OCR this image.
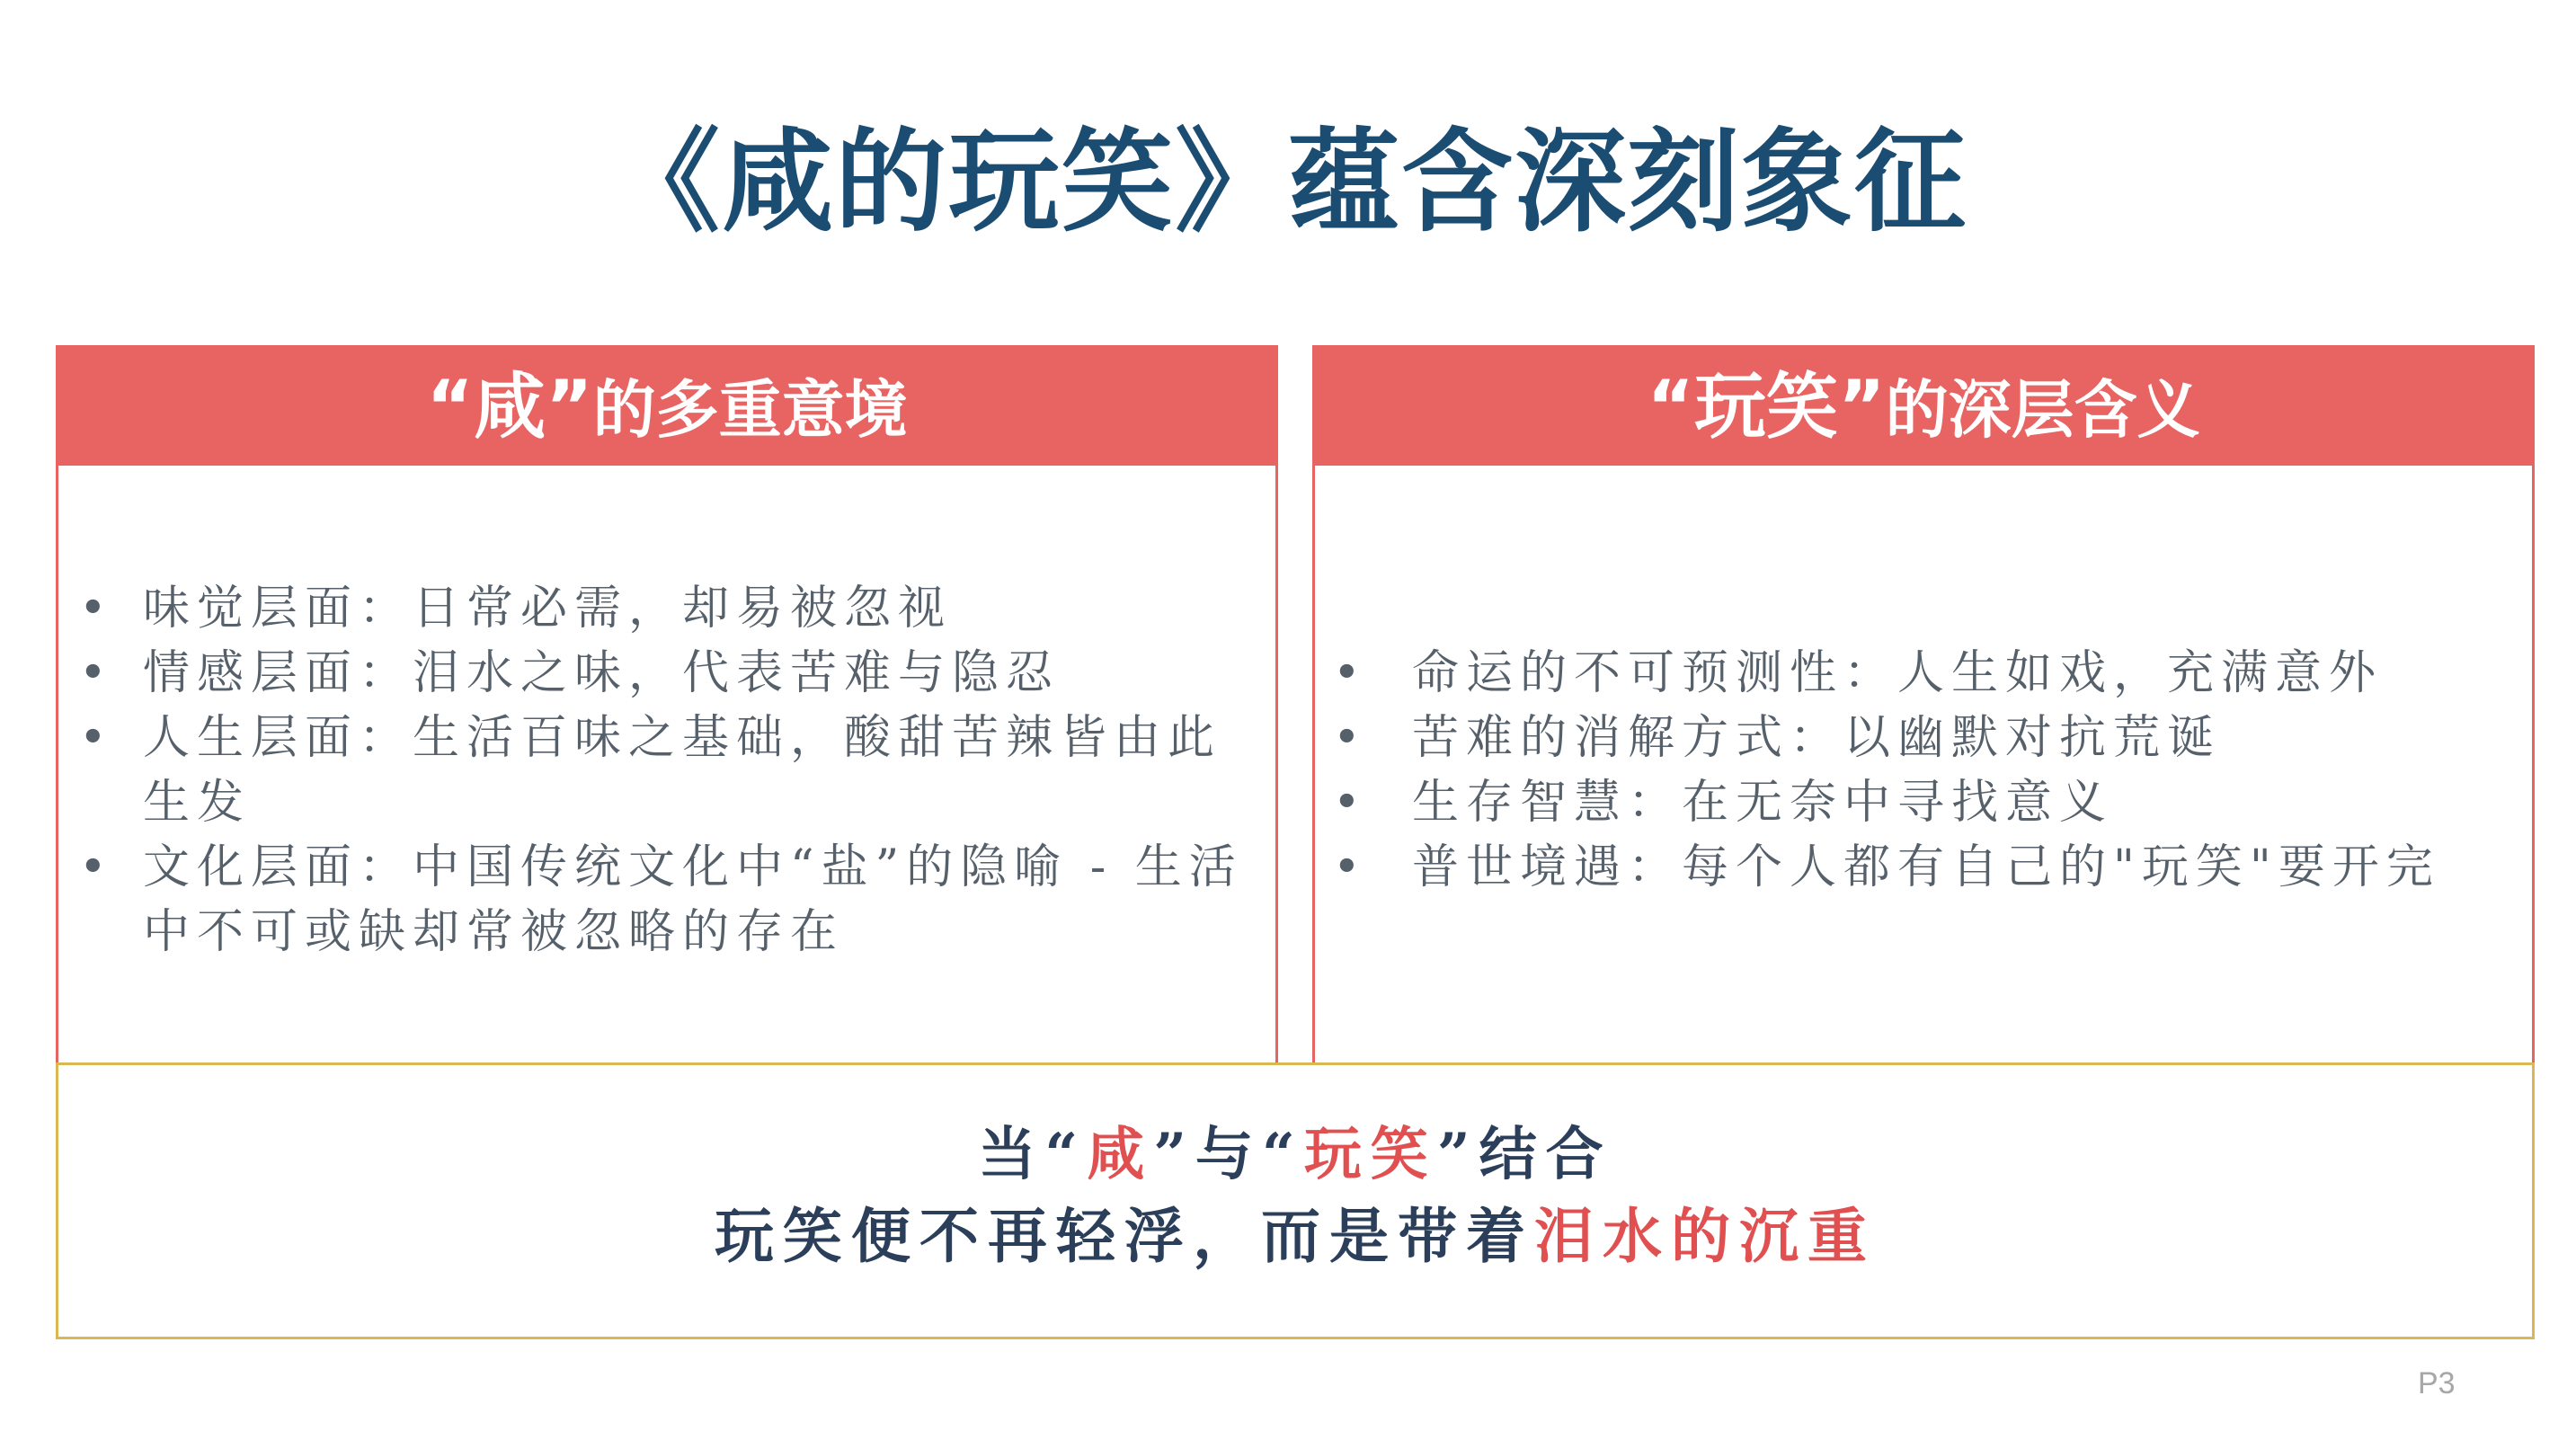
《咸的玩笑》蕴含深刻象征
“咸”的多重意境
• 味觉层面：日常必需，却易被忽视
• 情感层面：泪水之味，代表苦难与隐忍
• 人生层面：生活百味之基础，酸甜苦辣皆由此生发
• 文化层面：中国传统文化中“盐”的隐喻 - 生活中不可或缺却常被忽略的存在
“玩笑”的深层含义
• 命运的不可预测性：人生如戏，充满意外
• 苦难的消解方式：以幽默对抗荒诞
• 生存智慧：在无奈中寻找意义
• 普世境遇：每个人都有自己的"玩笑"要开完
当“咸”与“玩笑”结合
玩笑便不再轻浮，而是带着泪水的沉重
P3
